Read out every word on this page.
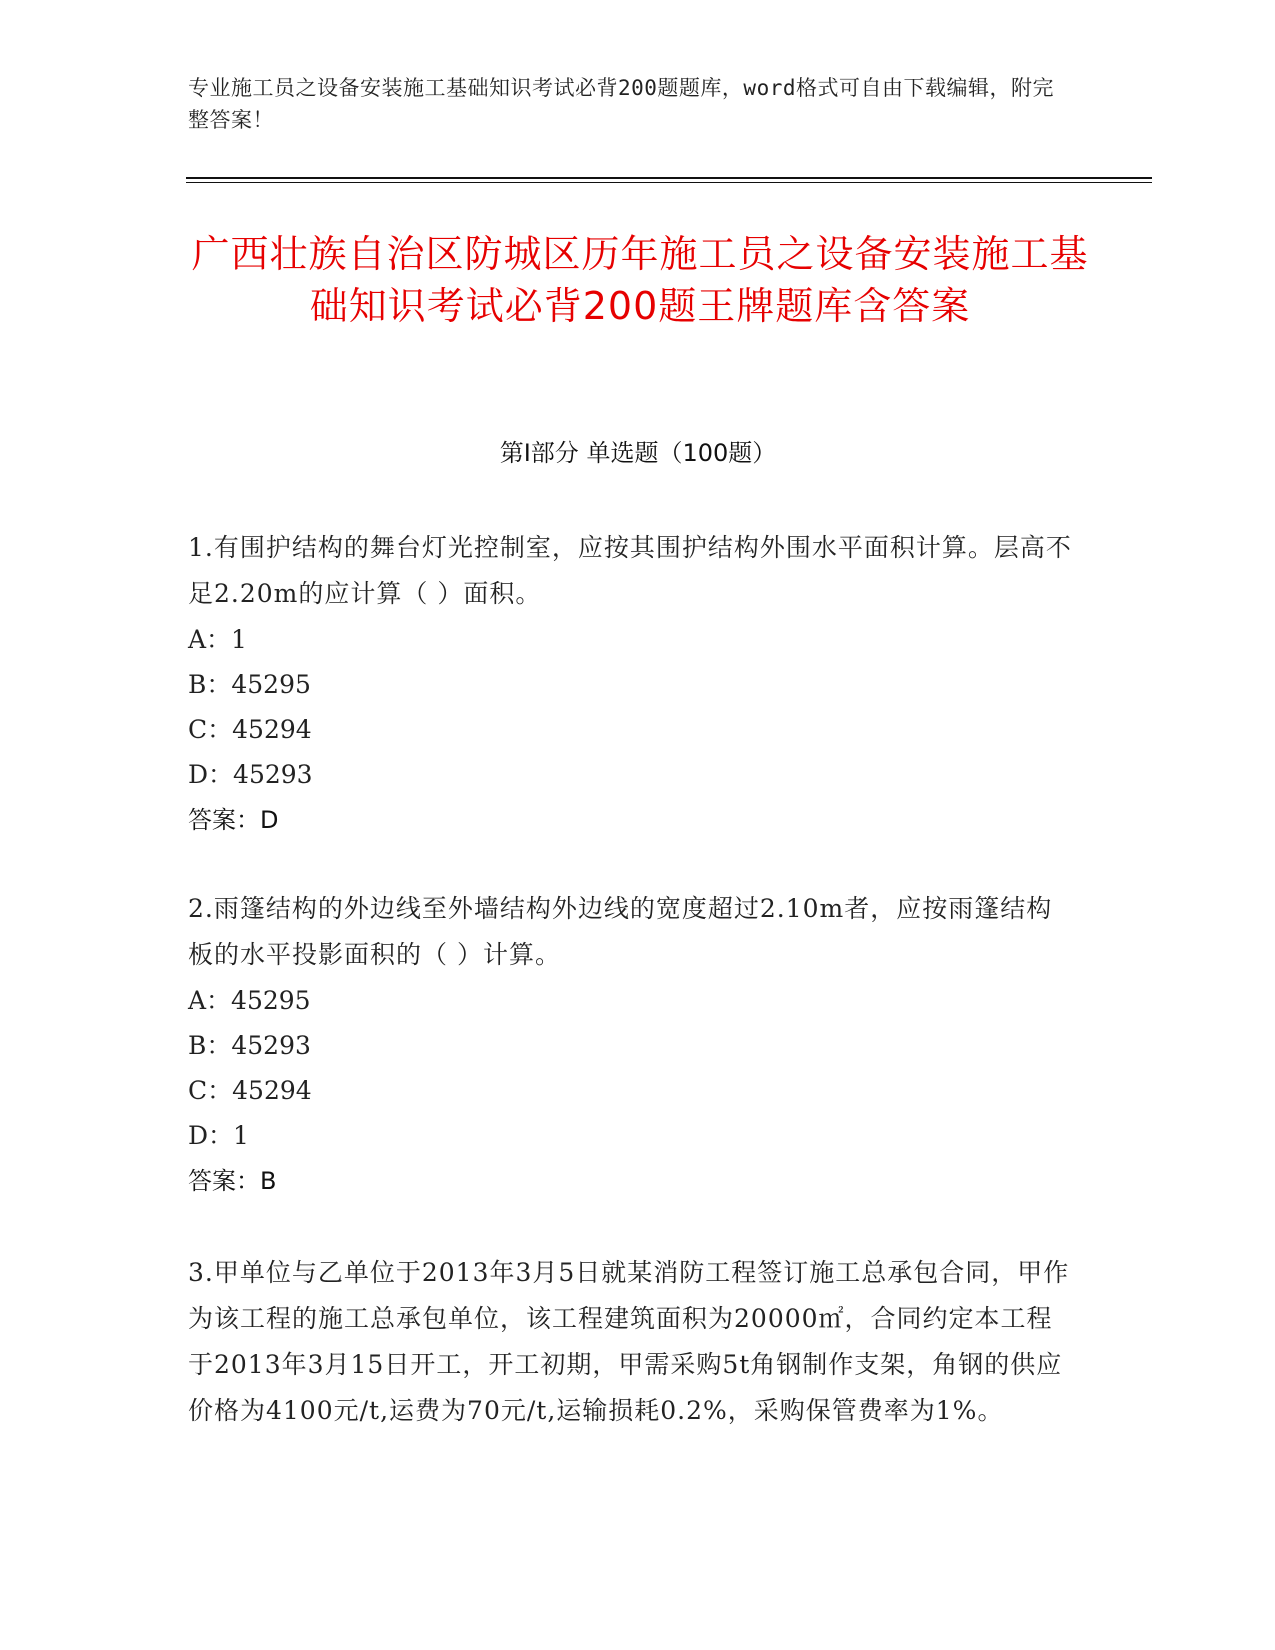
专业施工员之设备安装施工基础知识考试必背200题题库，word格式可自由下载编辑，附完整答案！
广西壮族自治区防城区历年施工员之设备安装施工基础知识考试必背200题王牌题库含答案
第I部分 单选题（100题）
1.有围护结构的舞台灯光控制室，应按其围护结构外围水平面积计算。层高不足2.20m的应计算（ ）面积。
A：1
B：45295
C：45294
D：45293
答案：D
2.雨篷结构的外边线至外墙结构外边线的宽度超过2.10m者，应按雨篷结构板的水平投影面积的（ ）计算。
A：45295
B：45293
C：45294
D：1
答案：B
3.甲单位与乙单位于2013年3月5日就某消防工程签订施工总承包合同，甲作为该工程的施工总承包单位，该工程建筑面积为20000㎡，合同约定本工程于2013年3月15日开工，开工初期，甲需采购5t角钢制作支架，角钢的供应价格为4100元/t,运费为70元/t,运输损耗0.2%，采购保管费率为1%。
